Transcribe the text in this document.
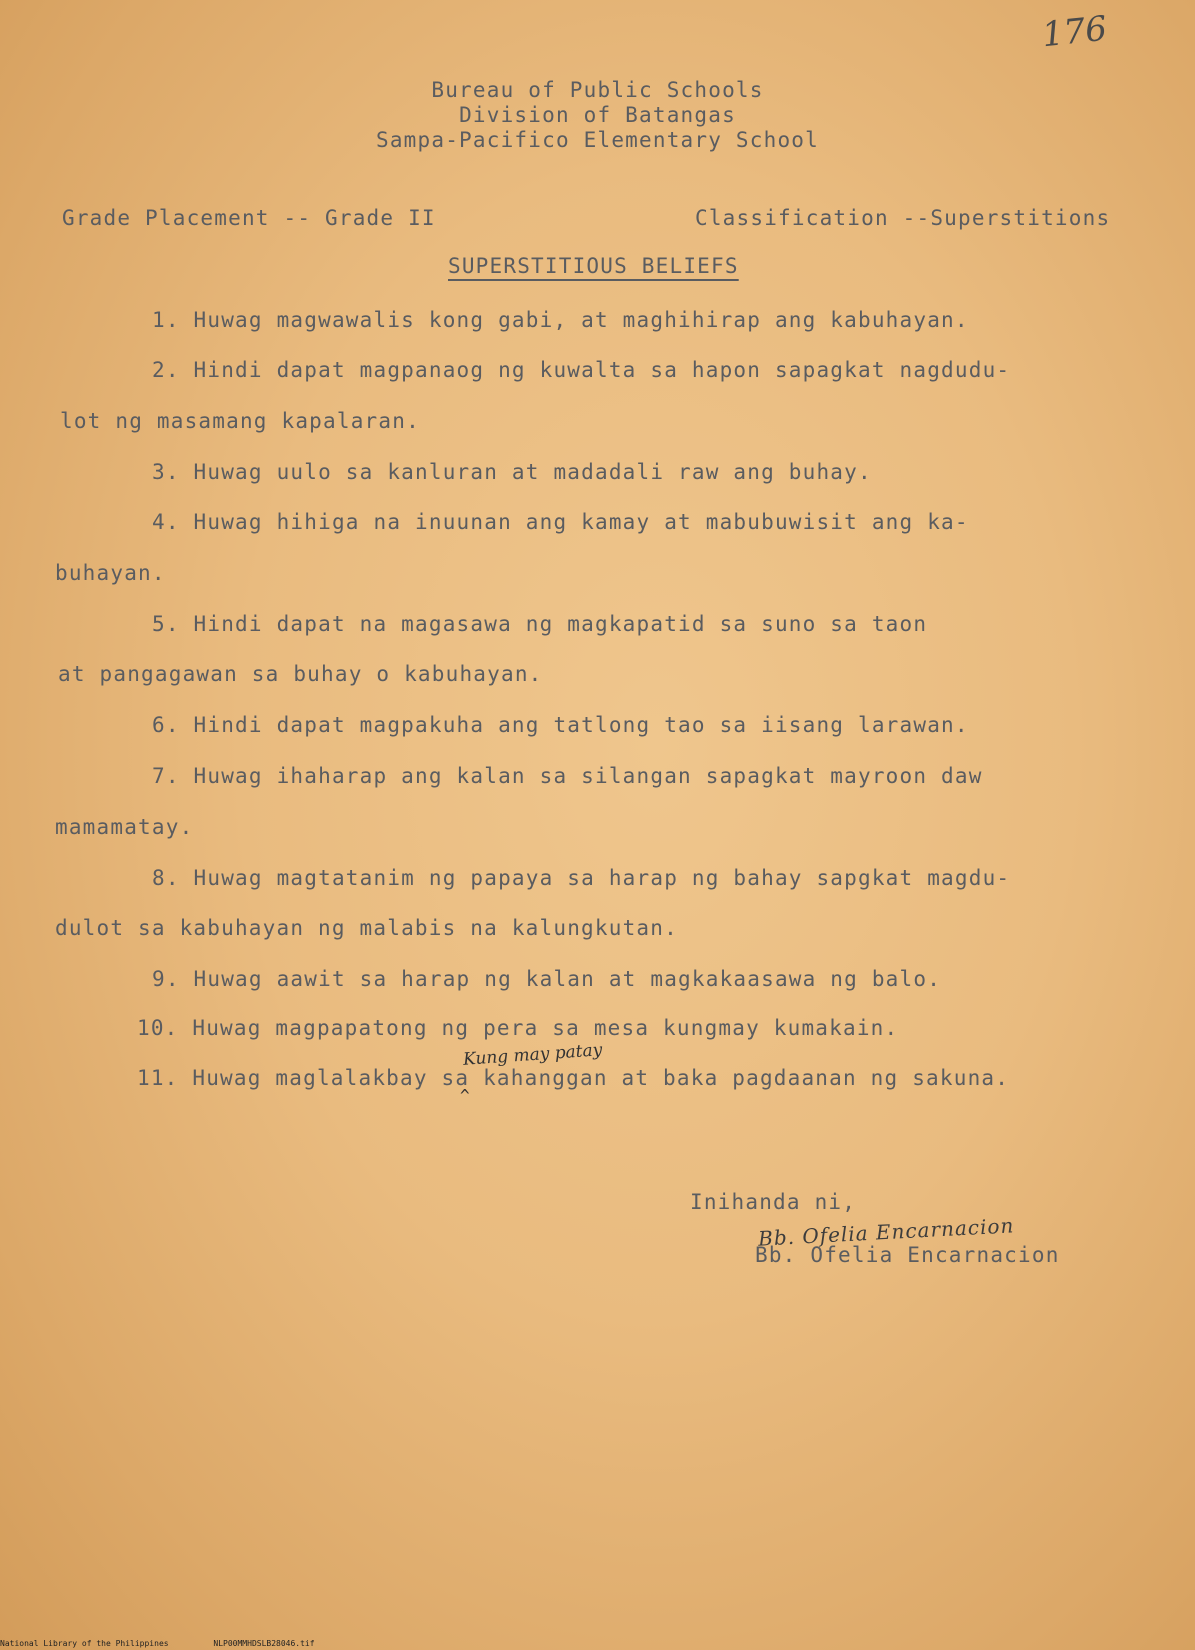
176
Bureau of Public Schools
Division of Batangas
Sampa-Pacifico Elementary School
Grade Placement -- Grade II	Classification --Superstitions
SUPERSTITIOUS BELIEFS
1. Huwag magwawalis kong gabi, at maghihirap ang kabuhayan.
2. Hindi dapat magpanaog ng kuwalta sa hapon sapagkat nagdudu-
lot ng masamang kapalaran.
3. Huwag uulo sa kanluran at madadali raw ang buhay.
4. Huwag hihiga na inuunan ang kamay at mabubuwisit ang ka-
buhayan.
5. Hindi dapat na magasawa ng magkapatid sa suno sa taon
at pangagawan sa buhay o kabuhayan.
6. Hindi dapat magpakuha ang tatlong tao sa iisang larawan.
7. Huwag ihaharap ang kalan sa silangan sapagkat mayroon daw
mamamatay.
8. Huwag magtatanim ng papaya sa harap ng bahay sapgkat magdu-
dulot sa kabuhayan ng malabis na kalungkutan.
9. Huwag aawit sa harap ng kalan at magkakaasawa ng balo.
10. Huwag magpapatong ng pera sa mesa kungmay kumakain.
Kung may patay
^
11. Huwag maglalakbay sa kahanggan at baka pagdaanan ng sakuna.
Inihanda ni,
Bb. Ofelia Encarnacion
Bb. Ofelia Encarnacion
National Library of the Philippines	NLP00MMHDSLB28046.tif
